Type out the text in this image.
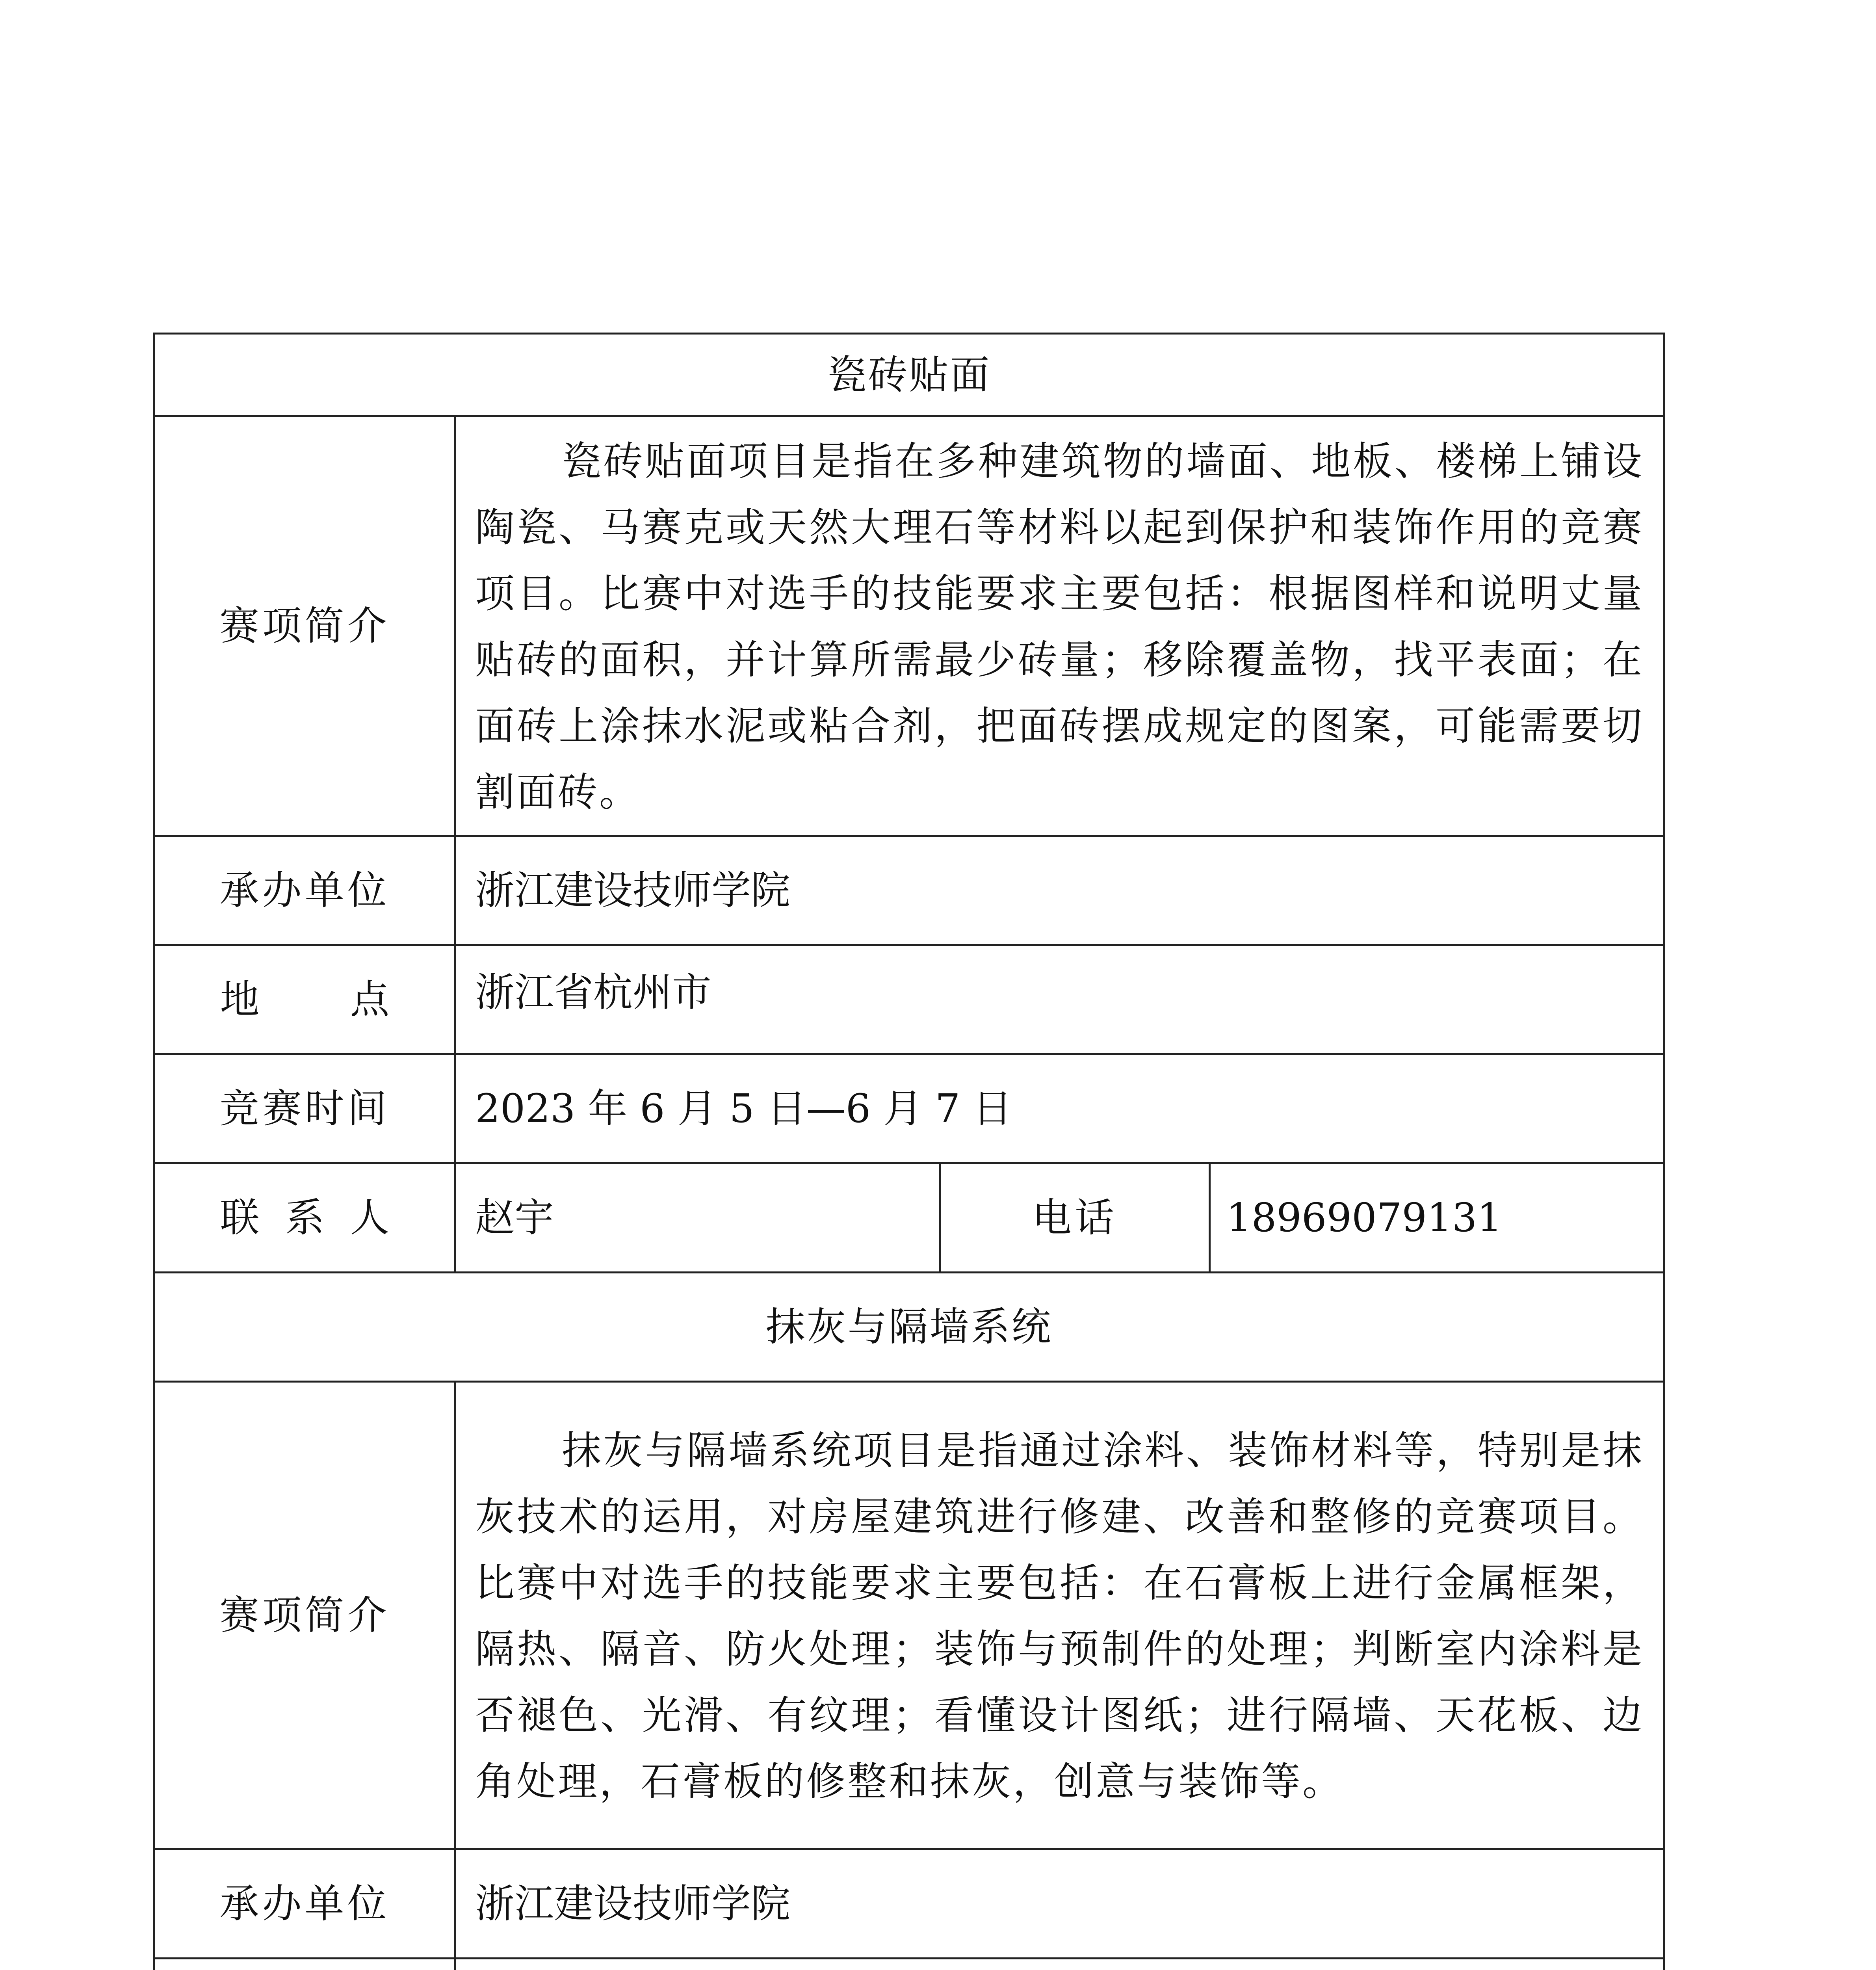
瓷砖贴面			
赛项简介	瓷砖贴面项目是指在多种建筑物的墙面、地板、楼梯上铺设陶瓷、马赛克或天然大理石等材料以起到保护和装饰作用的竞赛项目。比赛中对选手的技能要求主要包括：根据图样和说明丈量贴砖的面积，并计算所需最少砖量；移除覆盖物，找平表面；在面砖上涂抹水泥或粘合剂，把面砖摆成规定的图案，可能需要切割面砖。		

承办单位	浙江建设技师学院		

地 点	浙江省杭州市		
竞赛时间	2023 年 6 月 5 日—6 月 7 日		

联 系 人	赵宇	电话	18969079131
抹灰与隔墙系统			
赛项简介	抹灰与隔墙系统项目是指通过涂料、装饰材料等，特别是抹灰技术的运用，对房屋建筑进行修建、改善和整修的竞赛项目。比赛中对选手的技能要求主要包括：在石膏板上进行金属框架，隔热、隔音、防火处理；装饰与预制件的处理；判断室内涂料是否褪色、光滑、有纹理；看懂设计图纸；进行隔墙、天花板、边角处理，石膏板的修整和抹灰，创意与装饰等。		

承办单位	浙江建设技师学院		
